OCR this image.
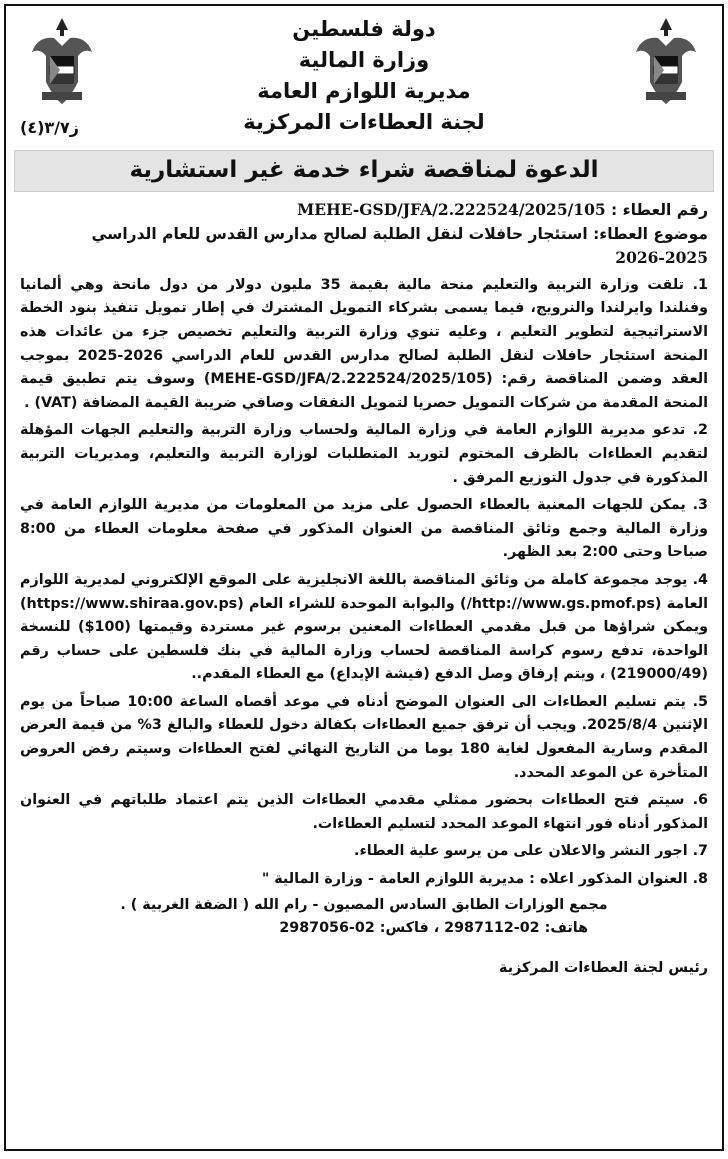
دولة فلسطين
وزارة المالية
مديرية اللوازم العامة
لجنة العطاءات المركزية
ز٣/٧(٤)
الدعوة لمناقصة شراء خدمة غير استشارية

رقم العطاء : MEHE-GSD/JFA/2.222524/2025/105

موضوع العطاء: استئجار حافلات لنقل الطلبة لصالح مدارس القدس للعام الدراسي

2026-2025

1. تلقت وزارة التربية والتعليم منحة مالية بقيمة 35 مليون دولار من دول مانحة وهي ألمانيا وفنلندا وايرلندا والنرويج، فيما يسمى بشركاء التمويل المشترك في إطار تمويل تنفيذ بنود الخطة الاستراتيجية لتطوير التعليم ، وعليه تنوي وزارة التربية والتعليم تخصيص جزء من عائدات هذه المنحة استئجار حافلات لنقل الطلبة لصالح مدارس القدس للعام الدراسي 2026-2025 بموجب العقد وضمن المناقصة رقم: (MEHE-GSD/JFA/2.222524/2025/105) وسوف يتم تطبيق قيمة المنحة المقدمة من شركات التمويل حصريا لتمويل النفقات وصافي ضريبة القيمة المضافة (VAT) .

2. تدعو مديرية اللوازم العامة في وزارة المالية ولحساب وزارة التربية والتعليم الجهات المؤهلة لتقديم العطاءات بالظرف المختوم لتوريد المتطلبات لوزارة التربية والتعليم، ومديريات التربية المذكورة في جدول التوزيع المرفق .

3. يمكن للجهات المعنية بالعطاء الحصول على مزيد من المعلومات من مديرية اللوازم العامة في وزارة المالية وجمع وثائق المناقصة من العنوان المذكور في صفحة معلومات العطاء من 8:00 صباحا وحتى 2:00 بعد الظهر.

4. يوجد مجموعة كاملة من وثائق المناقصة باللغة الانجليزية على الموقع الإلكتروني لمديرية اللوازم العامة (http://www.gs.pmof.ps/) والبوابة الموحدة للشراء العام (https://www.shiraa.gov.ps) ويمكن شراؤها من قبل مقدمي العطاءات المعنين برسوم غير مستردة وقيمتها (100$) للنسخة الواحدة، تدفع رسوم كراسة المناقصة لحساب وزارة المالية في بنك فلسطين على حساب رقم (219000/49) ، ويتم إرفاق وصل الدفع (فيشة الإيداع) مع العطاء المقدم..

5. يتم تسليم العطاءات الى العنوان الموضح أدناه في موعد أقصاه الساعة 10:00 صباحاً من يوم الإثنين 2025/8/4. ويجب أن ترفق جميع العطاءات بكفالة دخول للعطاء والبالغ 3% من قيمة العرض المقدم وسارية المفعول لغاية 180 يوما من التاريخ النهائي لفتح العطاءات وسيتم رفض العروض المتأخرة عن الموعد المحدد.

6. سيتم فتح العطاءات بحضور ممثلي مقدمي العطاءات الذين يتم اعتماد طلباتهم في العنوان المذكور أدناه فور انتهاء الموعد المحدد لتسليم العطاءات.

7. اجور النشر والاعلان على من يرسو علية العطاء.

8. العنوان المذكور اعلاه : مديرية اللوازم العامة - وزارة المالية "

مجمع الوزارات الطابق السادس المصيون - رام الله ( الضفة الغربية ) .

هاتف: 02-2987112 ، فاكس: 02-2987056

رئيس لجنة العطاءات المركزية
